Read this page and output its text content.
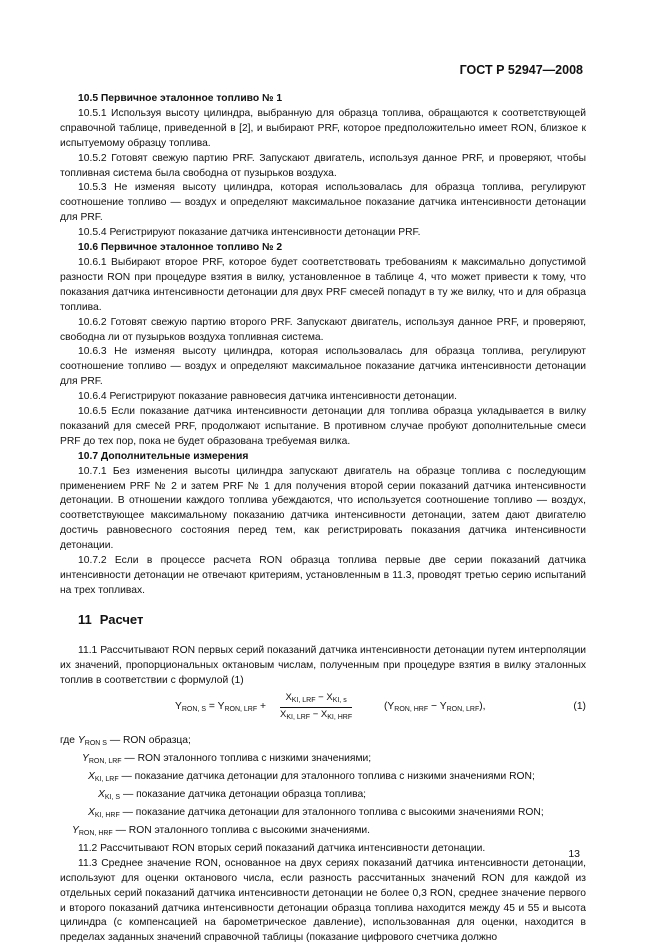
ГОСТ Р 52947—2008

10.5 Первичное эталонное топливо № 1

10.5.1 Используя высоту цилиндра, выбранную для образца топлива, обращаются к соответствующей справочной таблице, приведенной в [2], и выбирают PRF, которое предположительно имеет RON, близкое к испытуемому образцу топлива.

10.5.2 Готовят свежую партию PRF. Запускают двигатель, используя данное PRF, и проверяют, чтобы топливная система была свободна от пузырьков воздуха.

10.5.3 Не изменяя высоту цилиндра, которая использовалась для образца топлива, регулируют соотношение топливо — воздух и определяют максимальное показание датчика интенсивности детонации для PRF.

10.5.4 Регистрируют показание датчика интенсивности детонации PRF.

10.6 Первичное эталонное топливо № 2

10.6.1 Выбирают второе PRF, которое будет соответствовать требованиям к максимально допустимой разности RON при процедуре взятия в вилку, установленное в таблице 4, что может привести к тому, что показания датчика интенсивности детонации для двух PRF смесей попадут в ту же вилку, что и для образца топлива.

10.6.2 Готовят свежую партию второго PRF. Запускают двигатель, используя данное PRF, и проверяют, свободна ли от пузырьков воздуха топливная система.

10.6.3 Не изменяя высоту цилиндра, которая использовалась для образца топлива, регулируют соотношение топливо — воздух и определяют максимальное показание датчика интенсивности детонации для PRF.

10.6.4 Регистрируют показание равновесия датчика интенсивности детонации.

10.6.5 Если показание датчика интенсивности детонации для топлива образца укладывается в вилку показаний для смесей PRF, продолжают испытание. В противном случае пробуют дополнительные смеси PRF до тех пор, пока не будет образована требуемая вилка.

10.7 Дополнительные измерения

10.7.1 Без изменения высоты цилиндра запускают двигатель на образце топлива с последующим применением PRF № 2 и затем PRF № 1 для получения второй серии показаний датчика интенсивности детонации. В отношении каждого топлива убеждаются, что используется соотношение топливо — воздух, соответствующее максимальному показанию датчика интенсивности детонации, затем дают двигателю достичь равновесного состояния перед тем, как регистрировать показания датчика интенсивности детонации.

10.7.2 Если в процессе расчета RON образца топлива первые две серии показаний датчика интенсивности детонации не отвечают критериям, установленным в 11.3, проводят третью серию испытаний на трех топливах.

11 Расчет

11.1 Рассчитывают RON первых серий показаний датчика интенсивности детонации путем интерполяции их значений, пропорциональных октановым числам, полученным при процедуре взятия в вилку эталонных топлив в соответствии с формулой (1)

$Y_{RON, S} = Y_{RON, LRF}$ +
$X_{KI, LRF} - X_{KI, s}$
$X_{KI, LRF} - X_{KI, HRF}$
$(Y_{RON, HRF} - Y_{RON, LRF})$,	(1)
где $Y_{RON S}$ — RON образца;
$Y_{RON, LRF}$ — RON эталонного топлива с низкими значениями;
$X_{KI, LRF}$ — показание датчика детонации для эталонного топлива с низкими значениями RON;
$X_{KI, S}$ — показание датчика детонации образца топлива;
$X_{KI, HRF}$ — показание датчика детонации для эталонного топлива с высокими значениями RON;
$Y_{RON, HRF}$ — RON эталонного топлива с высокими значениями.

11.2 Рассчитывают RON вторых серий показаний датчика интенсивности детонации.

11.3 Среднее значение RON, основанное на двух сериях показаний датчика интенсивности детонации, используют для оценки октанового числа, если разность рассчитанных значений RON для каждой из отдельных серий показаний датчика интенсивности детонации не более 0,3 RON, среднее значение первого и второго показаний датчика интенсивности детонации образца топлива находится между 45 и 55 и высота цилиндра (с компенсацией на барометрическое давление), использованная для оценки, находится в пределах заданных значений справочной таблицы (показание цифрового счетчика должно

13
